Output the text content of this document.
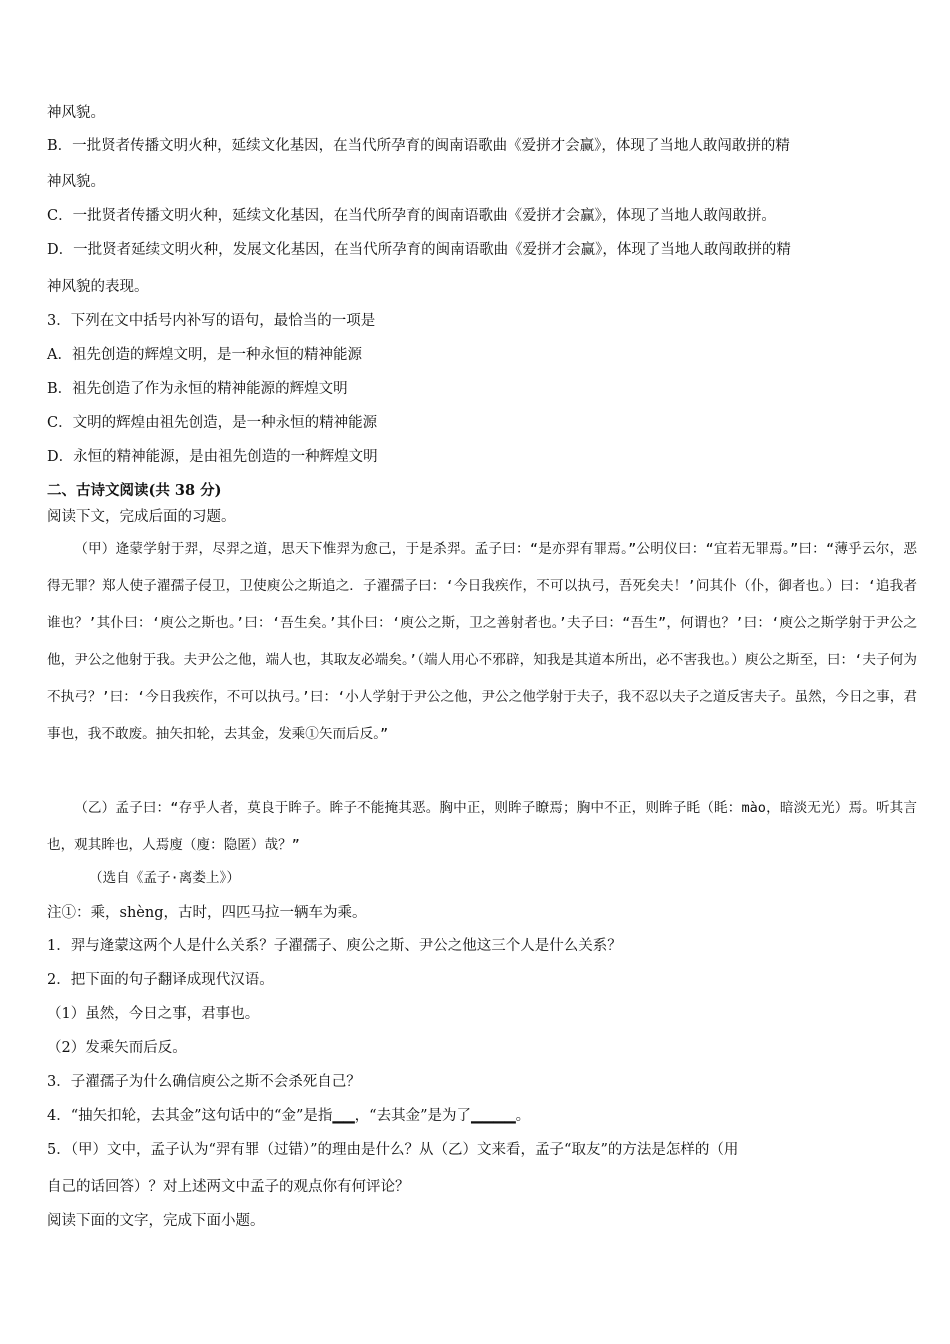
神风貌。
B．一批贤者传播文明火种，延续文化基因，在当代所孕育的闽南语歌曲《爱拼才会赢》，体现了当地人敢闯敢拼的精
神风貌。
C．一批贤者传播文明火种，延续文化基因，在当代所孕育的闽南语歌曲《爱拼才会赢》，体现了当地人敢闯敢拼。
D．一批贤者延续文明火种，发展文化基因，在当代所孕育的闽南语歌曲《爱拼才会赢》，体现了当地人敢闯敢拼的精
神风貌的表现。
3．下列在文中括号内补写的语句，最恰当的一项是
A．祖先创造的辉煌文明，是一种永恒的精神能源
B．祖先创造了作为永恒的精神能源的辉煌文明
C．文明的辉煌由祖先创造，是一种永恒的精神能源
D．永恒的精神能源，是由祖先创造的一种辉煌文明
二、古诗文阅读(共 38 分)
阅读下文，完成后面的习题。

（甲）逄蒙学射于羿，尽羿之道，思天下惟羿为愈己，于是杀羿。孟子曰：“是亦羿有罪焉。”公明仪曰：“宜若无罪焉。”曰：“薄乎云尔，恶得无罪？郑人使子濯孺子侵卫，卫使庾公之斯追之．子濯孺子曰：‘今日我疾作，不可以执弓，吾死矣夫！’问其仆（仆，御者也。）曰：‘追我者谁也？’其仆曰：‘庾公之斯也。’曰：‘吾生矣。’其仆曰：‘庾公之斯，卫之善射者也。’夫子曰：“吾生”，何谓也？’曰：‘庾公之斯学射于尹公之他，尹公之他射于我。夫尹公之他，端人也，其取友必端矣。’（端人用心不邪辟，知我是其道本所出，必不害我也。）庾公之斯至，曰：‘夫子何为不执弓？’曰：‘今日我疾作，不可以执弓。’曰：‘小人学射于尹公之他，尹公之他学射于夫子，我不忍以夫子之道反害夫子。虽然，今日之事，君事也，我不敢废。抽矢扣轮，去其金，发乘①矢而后反。”

（乙）孟子曰：“存乎人者，莫良于眸子。眸子不能掩其恶。胸中正，则眸子瞭焉；胸中不正，则眸子眊（眊：mào，暗淡无光）焉。听其言也，观其眸也，人焉廋（廋：隐匿）哉？”

（选自《孟子·离娄上》）
注①：乘，shèng，古时，四匹马拉一辆车为乘。
1．羿与逄蒙这两个人是什么关系？子濯孺子、庾公之斯、尹公之他这三个人是什么关系？
2．把下面的句子翻译成现代汉语。
（1）虽然，今日之事，君事也。
（2）发乘矢而后反。
3．子濯孺子为什么确信庾公之斯不会杀死自己？
4．“抽矢扣轮，去其金”这句话中的“金”是指▁▁，“去其金”是为了▁▁▁▁。
5．（甲）文中，孟子认为“羿有罪（过错）”的理由是什么？从（乙）文来看，孟子“取友”的方法是怎样的（用
自己的话回答）？对上述两文中孟子的观点你有何评论？
阅读下面的文字，完成下面小题。
